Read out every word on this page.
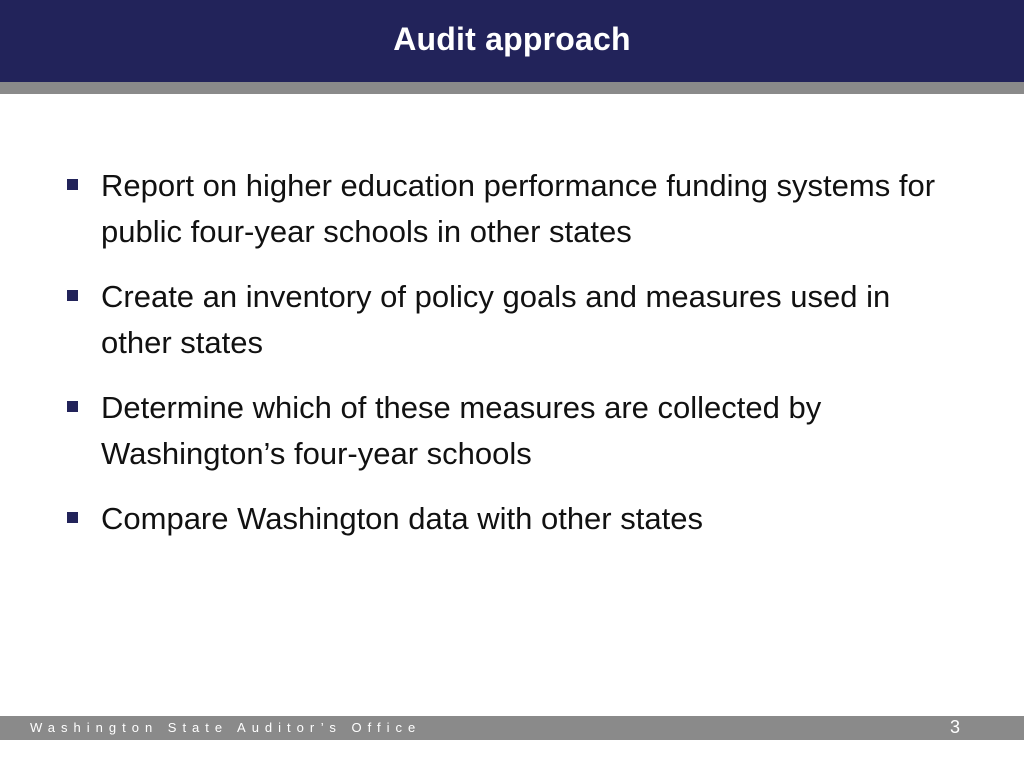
Audit approach
Report on higher education performance funding systems for public four-year schools in other states
Create an inventory of policy goals and measures used in other states
Determine which of these measures are collected by Washington’s four-year schools
Compare Washington data with other states
Washington State Auditor’s Office	3
